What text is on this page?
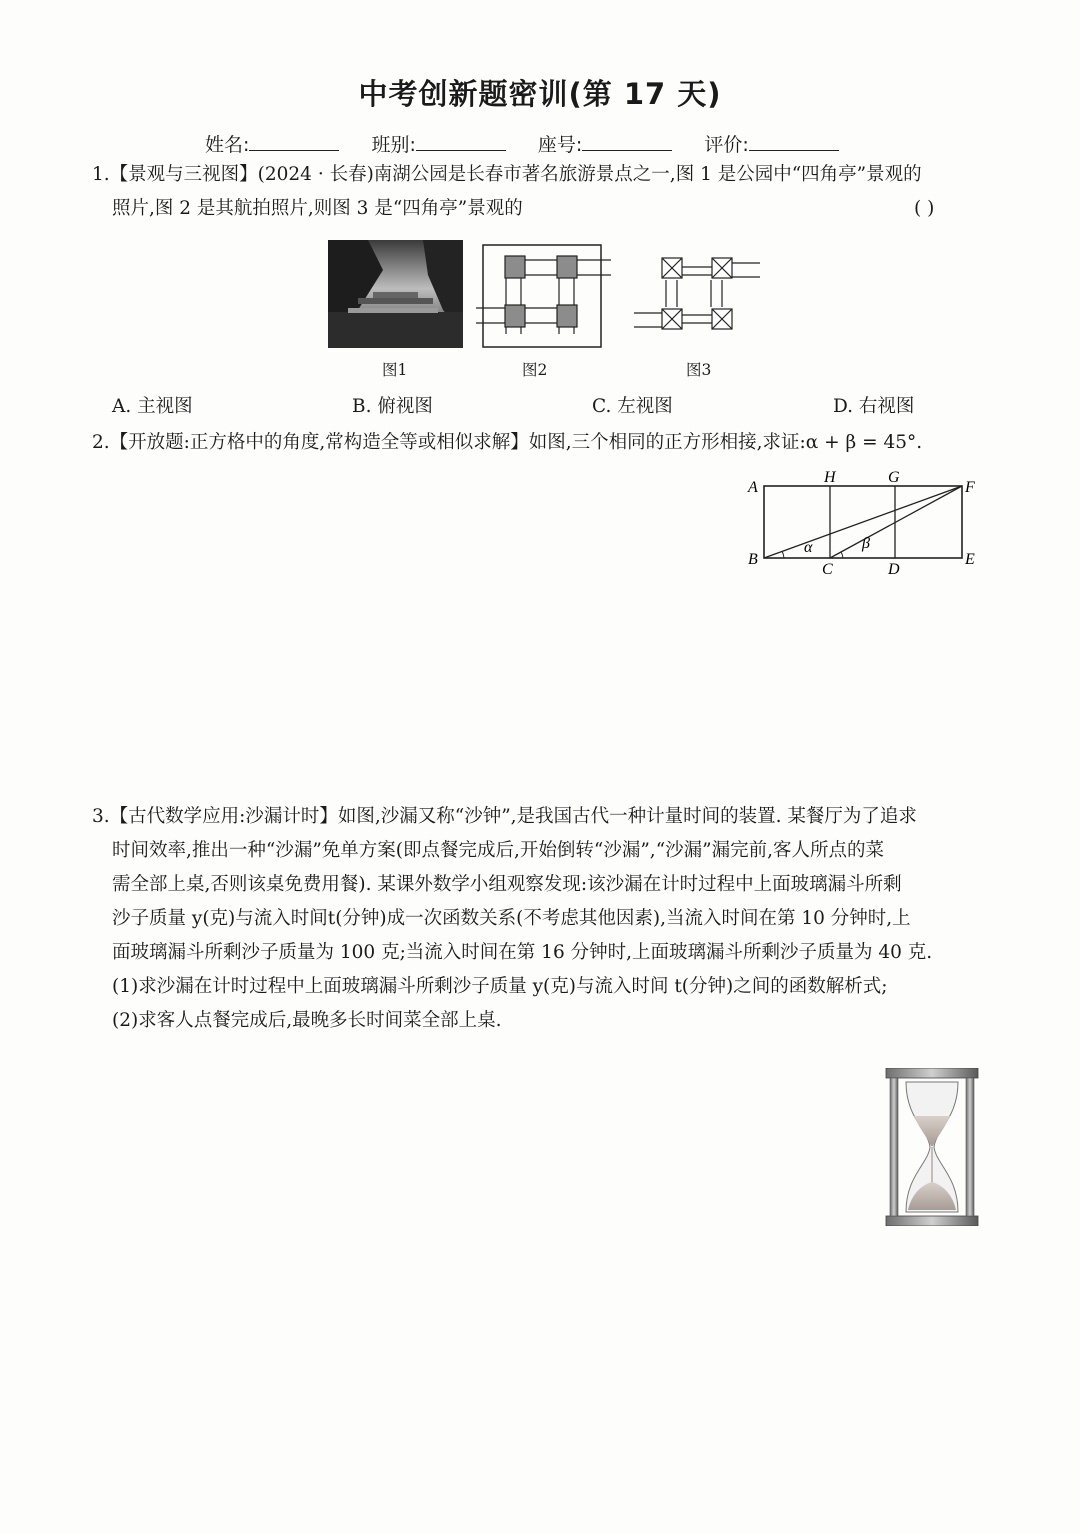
中考创新题密训(第 17 天)
姓名:	班别:	座号:	评价:
1.【景观与三视图】(2024 · 长春)南湖公园是长春市著名旅游景点之一,图 1 是公园中“四角亭”景观的
照片,图 2 是其航拍照片,则图 3 是“四角亭”景观的	( )
图1	图2	图3
A. 主视图	B. 俯视图	C. 左视图	D. 右视图
2.【开放题:正方格中的角度,常构造全等或相似求解】如图,三个相同的正方形相接,求证:α + β = 45°.
A
H	G
F
B
C	D
E
α	β
3.【古代数学应用:沙漏计时】如图,沙漏又称“沙钟”,是我国古代一种计量时间的装置. 某餐厅为了追求
时间效率,推出一种“沙漏”免单方案(即点餐完成后,开始倒转“沙漏”,“沙漏”漏完前,客人所点的菜
需全部上桌,否则该桌免费用餐). 某课外数学小组观察发现:该沙漏在计时过程中上面玻璃漏斗所剩
沙子质量 y(克)与流入时间t(分钟)成一次函数关系(不考虑其他因素),当流入时间在第 10 分钟时,上
面玻璃漏斗所剩沙子质量为 100 克;当流入时间在第 16 分钟时,上面玻璃漏斗所剩沙子质量为 40 克.
(1)求沙漏在计时过程中上面玻璃漏斗所剩沙子质量 y(克)与流入时间 t(分钟)之间的函数解析式;
(2)求客人点餐完成后,最晚多长时间菜全部上桌.
